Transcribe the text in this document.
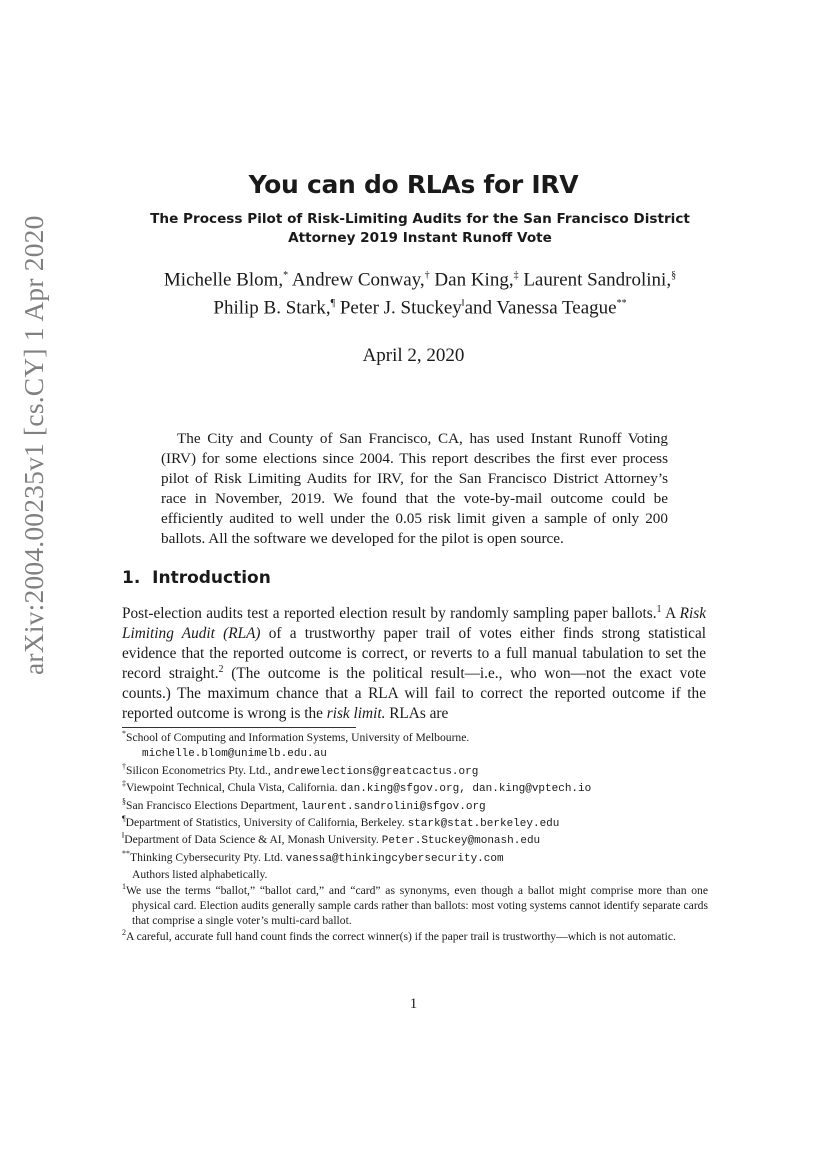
arXiv:2004.00235v1 [cs.CY] 1 Apr 2020
You can do RLAs for IRV
The Process Pilot of Risk-Limiting Audits for the San Francisco District
Attorney 2019 Instant Runoff Vote
Michelle Blom,* Andrew Conway,† Dan King,‡ Laurent Sandrolini,§
Philip B. Stark,¶ Peter J. Stuckey‖and Vanessa Teague**
April 2, 2020
The City and County of San Francisco, CA, has used Instant Runoff Voting (IRV) for some elections since 2004. This report describes the first ever process pilot of Risk Limiting Audits for IRV, for the San Francisco District Attorney’s race in November, 2019. We found that the vote-by-mail outcome could be efficiently audited to well under the 0.05 risk limit given a sample of only 200 ballots. All the software we developed for the pilot is open source.
1. Introduction
Post-election audits test a reported election result by randomly sampling paper ballots.$^1$ A Risk Limiting Audit (RLA) of a trustworthy paper trail of votes either finds strong statistical evidence that the reported outcome is correct, or reverts to a full manual tabulation to set the record straight.$^2$ (The outcome is the political result—i.e., who won—not the exact vote counts.) The maximum chance that a RLA will fail to correct the reported outcome if the reported outcome is wrong is the risk limit. RLAs are
*School of Computing and Information Systems, University of Melbourne.
michelle.blom@unimelb.edu.au
†Silicon Econometrics Pty. Ltd., andrewelections@greatcactus.org
‡Viewpoint Technical, Chula Vista, California. dan.king@sfgov.org, dan.king@vptech.io
§San Francisco Elections Department, laurent.sandrolini@sfgov.org
¶Department of Statistics, University of California, Berkeley. stark@stat.berkeley.edu
‖Department of Data Science & AI, Monash University. Peter.Stuckey@monash.edu
**Thinking Cybersecurity Pty. Ltd. vanessa@thinkingcybersecurity.com
Authors listed alphabetically.
$^1$We use the terms “ballot,” “ballot card,” and “card” as synonyms, even though a ballot might comprise more than one physical card. Election audits generally sample cards rather than ballots: most voting systems cannot identify separate cards that comprise a single voter’s multi-card ballot.
$^2$A careful, accurate full hand count finds the correct winner(s) if the paper trail is trustworthy—which is not automatic.
1
